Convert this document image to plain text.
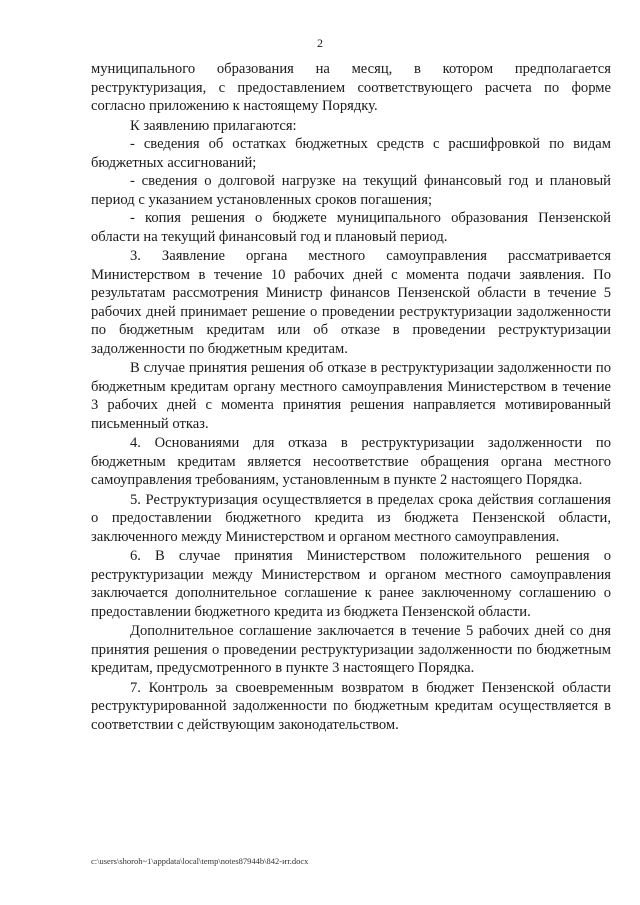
2

муниципального образования на месяц, в котором предполагается реструктуризация, с предоставлением соответствующего расчета по форме согласно приложению к настоящему Порядку.

К заявлению прилагаются:

- сведения об остатках бюджетных средств с расшифровкой по видам бюджетных ассигнований;

- сведения о долговой нагрузке на текущий финансовый год и плановый период с указанием установленных сроков погашения;

- копия решения о бюджете муниципального образования Пензенской области на текущий финансовый год и плановый период.

3. Заявление органа местного самоуправления рассматривается Министерством в течение 10 рабочих дней с момента подачи заявления. По результатам рассмотрения Министр финансов Пензенской области в течение 5 рабочих дней принимает решение о проведении реструктуризации задолженности по бюджетным кредитам или об отказе в проведении реструктуризации задолженности по бюджетным кредитам.

В случае принятия решения об отказе в реструктуризации задолженности по бюджетным кредитам органу местного самоуправления Министерством в течение 3 рабочих дней с момента принятия решения направляется мотивированный письменный отказ.

4. Основаниями для отказа в реструктуризации задолженности по бюджетным кредитам является несоответствие обращения органа местного самоуправления требованиям, установленным в пункте 2 настоящего Порядка.

5. Реструктуризация осуществляется в пределах срока действия соглашения о предоставлении бюджетного кредита из бюджета Пензенской области, заключенного между Министерством и органом местного самоуправления.

6. В случае принятия Министерством положительного решения о реструктуризации между Министерством и органом местного самоуправления заключается дополнительное соглашение к ранее заключенному соглашению о предоставлении бюджетного кредита из бюджета Пензенской области.

Дополнительное соглашение заключается в течение 5 рабочих дней со дня принятия решения о проведении реструктуризации задолженности по бюджетным кредитам, предусмотренного в пункте 3 настоящего Порядка.

7. Контроль за своевременным возвратом в бюджет Пензенской области реструктурированной задолженности по бюджетным кредитам осуществляется в соответствии с действующим законодательством.

c:\users\shoroh~1\appdata\local\temp\notes87944b\842-ит.docx
